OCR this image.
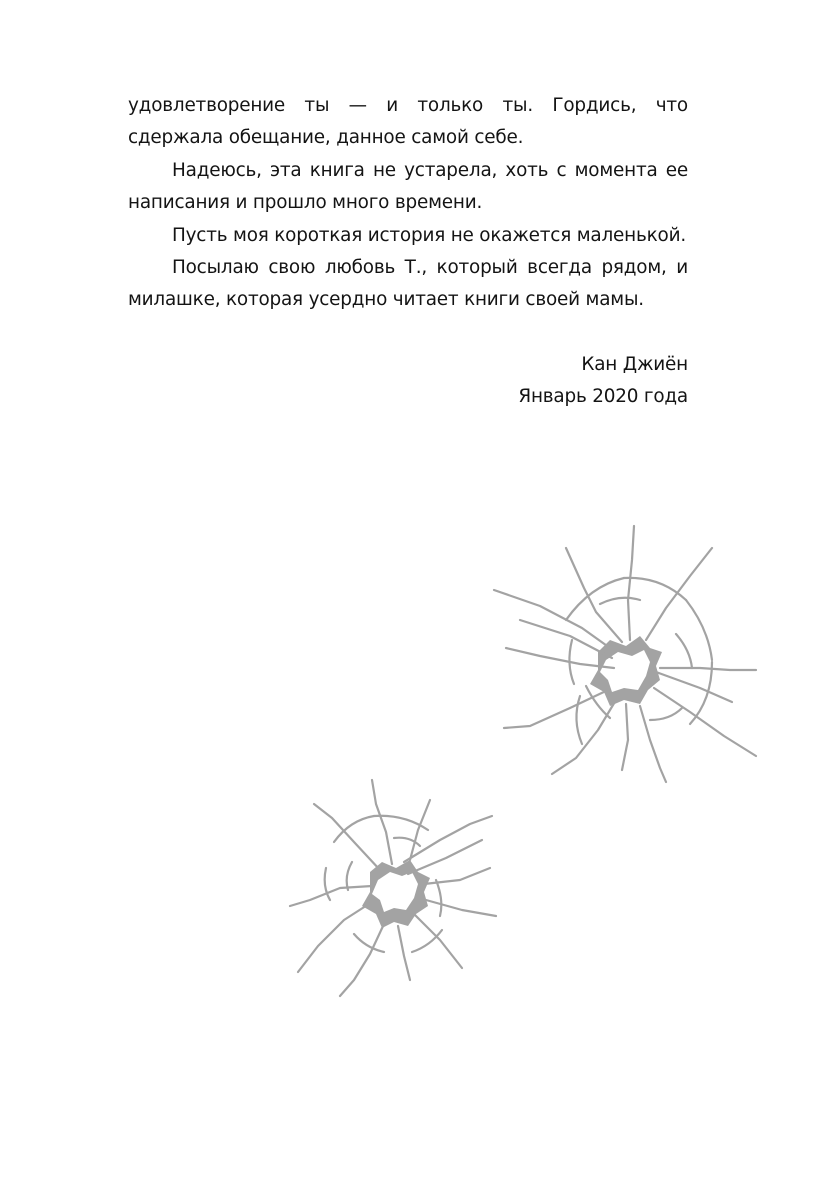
удовлетворение ты — и только ты. Гордись, что сдержала обещание, данное самой себе.

Надеюсь, эта книга не устарела, хоть с момента ее написания и прошло много времени.

Пусть моя короткая история не окажется маленькой.

Посылаю свою любовь Т., который всегда рядом, и милашке, которая усердно читает книги своей мамы.

Кан Джиён
Январь 2020 года
